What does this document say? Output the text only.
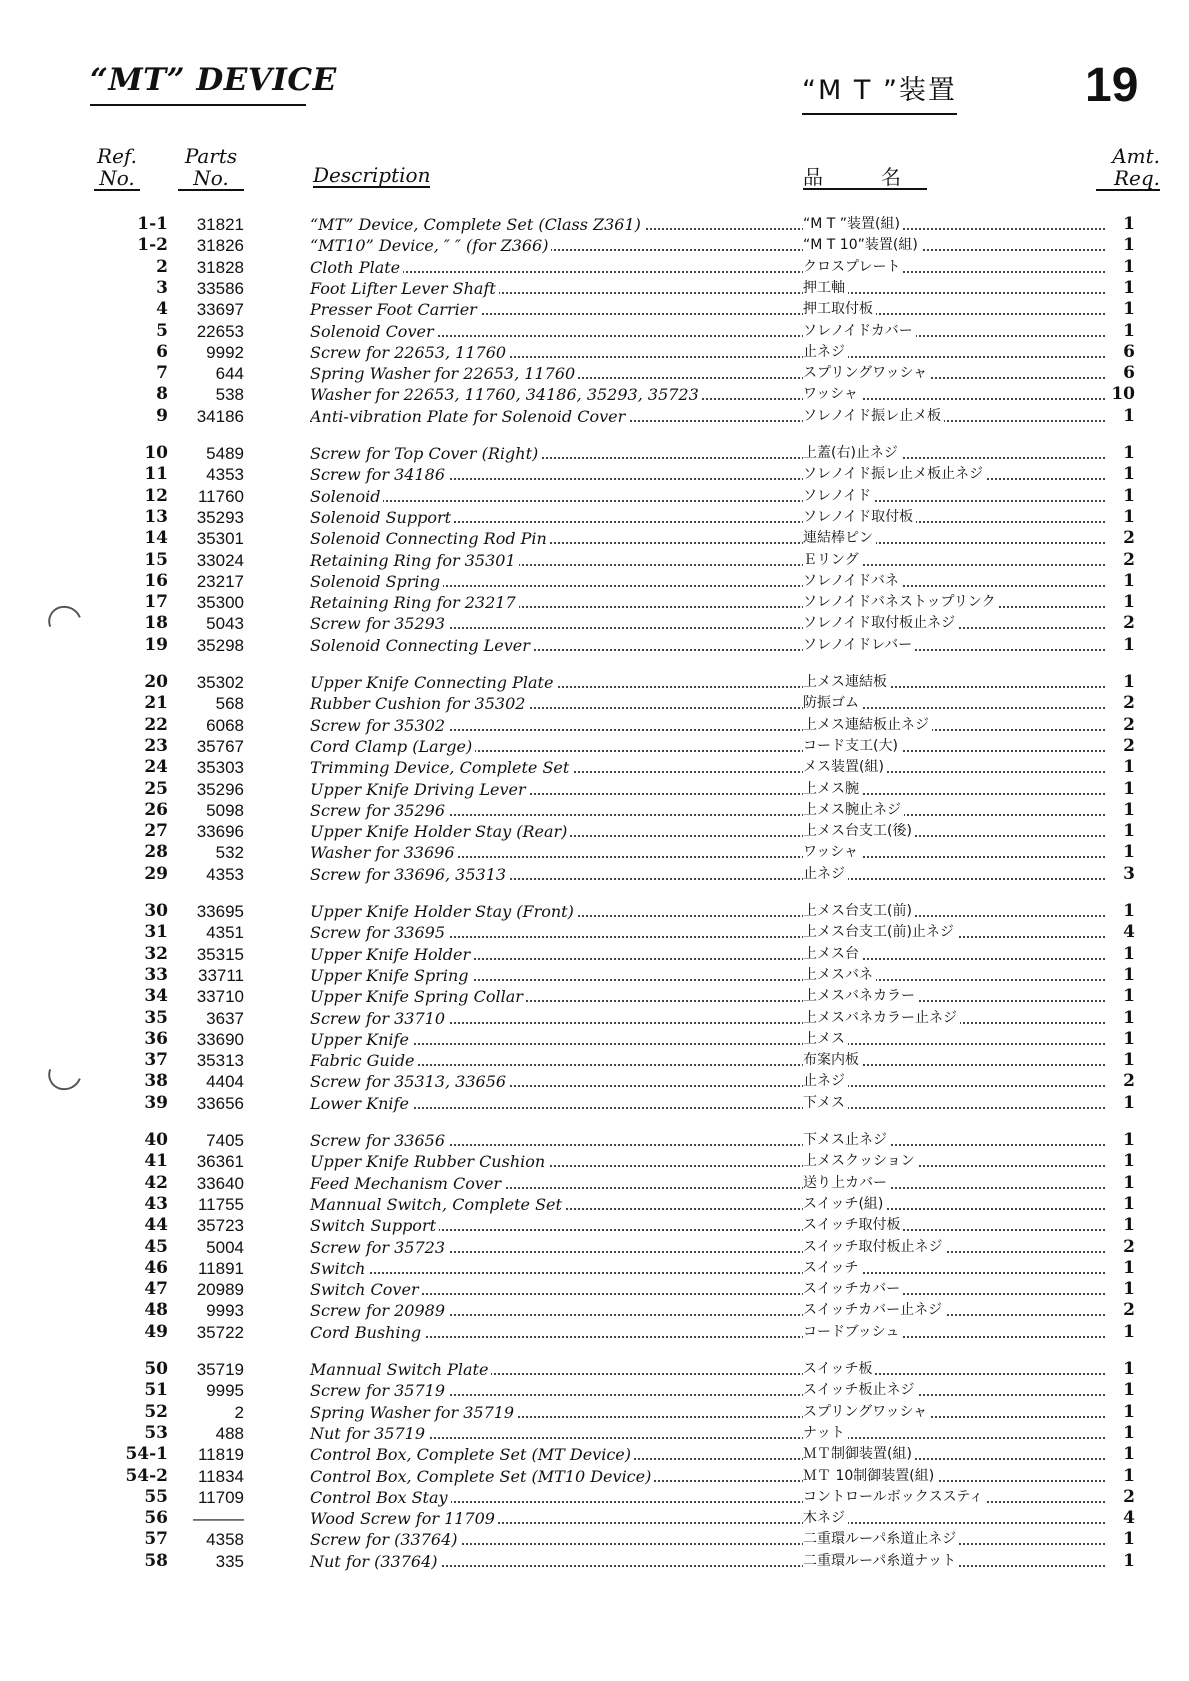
“MT” DEVICE	“M T ”装置	19
Ref.
No.
Parts
No.	Description	品名
Amt.
Req.
1-1	31821	“MT” Device, Complete Set (Class Z361)	“M T ”装置(組)	1
1-2	31826	“MT10” Device, ″ ″ (for Z366)	“M T 10”装置(組)	1
2	31828	Cloth Plate	クロスプレート	1
3	33586	Foot Lifter Lever Shaft	押工軸	1
4	33697	Presser Foot Carrier	押工取付板	1
5	22653	Solenoid Cover	ソレノイドカバー	1
6	9992	Screw for 22653, 11760	止ネジ	6
7	644	Spring Washer for 22653, 11760	スプリングワッシャ	6
8	538	Washer for 22653, 11760, 34186, 35293, 35723	ワッシャ	10
9	34186	Anti-vibration Plate for Solenoid Cover	ソレノイド振レ止メ板	1
10	5489	Screw for Top Cover (Right)	上蓋(右)止ネジ	1
11	4353	Screw for 34186	ソレノイド振レ止メ板止ネジ	1
12	11760	Solenoid	ソレノイド	1
13	35293	Solenoid Support	ソレノイド取付板	1
14	35301	Solenoid Connecting Rod Pin	連結棒ピン	2
15	33024	Retaining Ring for 35301	Ｅリング	2
16	23217	Solenoid Spring	ソレノイドバネ	1
17	35300	Retaining Ring for 23217	ソレノイドバネストップリンク	1
18	5043	Screw for 35293	ソレノイド取付板止ネジ	2
19	35298	Solenoid Connecting Lever	ソレノイドレバー	1
20	35302	Upper Knife Connecting Plate	上メス連結板	1
21	568	Rubber Cushion for 35302	防振ゴム	2
22	6068	Screw for 35302	上メス連結板止ネジ	2
23	35767	Cord Clamp (Large)	コード支工(大)	2
24	35303	Trimming Device, Complete Set	メス装置(組)	1
25	35296	Upper Knife Driving Lever	上メス腕	1
26	5098	Screw for 35296	上メス腕止ネジ	1
27	33696	Upper Knife Holder Stay (Rear)	上メス台支工(後)	1
28	532	Washer for 33696	ワッシャ	1
29	4353	Screw for 33696, 35313	止ネジ	3
30	33695	Upper Knife Holder Stay (Front)	上メス台支工(前)	1
31	4351	Screw for 33695	上メス台支工(前)止ネジ	4
32	35315	Upper Knife Holder	上メス台	1
33	33711	Upper Knife Spring	上メスバネ	1
34	33710	Upper Knife Spring Collar	上メスバネカラー	1
35	3637	Screw for 33710	上メスバネカラー止ネジ	1
36	33690	Upper Knife	上メス	1
37	35313	Fabric Guide	布案内板	1
38	4404	Screw for 35313, 33656	止ネジ	2
39	33656	Lower Knife	下メス	1
40	7405	Screw for 33656	下メス止ネジ	1
41	36361	Upper Knife Rubber Cushion	上メスクッション	1
42	33640	Feed Mechanism Cover	送り上カバー	1
43	11755	Mannual Switch, Complete Set	スイッチ(組)	1
44	35723	Switch Support	スイッチ取付板	1
45	5004	Screw for 35723	スイッチ取付板止ネジ	2
46	11891	Switch	スイッチ	1
47	20989	Switch Cover	スイッチカバー	1
48	9993	Screw for 20989	スイッチカバー止ネジ	2
49	35722	Cord Bushing	コードブッシュ	1
50	35719	Mannual Switch Plate	スイッチ板	1
51	9995	Screw for 35719	スイッチ板止ネジ	1
52	2	Spring Washer for 35719	スプリングワッシャ	1
53	488	Nut for 35719	ナット	1
54-1	11819	Control Box, Complete Set (MT Device)	ＭＴ制御装置(組)	1
54-2	11834	Control Box, Complete Set (MT10 Device)	ＭＴ 10制御装置(組)	1
55	11709	Control Box Stay	コントロールボックススティ	2
56	———	Wood Screw for 11709	木ネジ	4
57	4358	Screw for (33764)	二重環ルーパ糸道止ネジ	1
58	335	Nut for (33764)	二重環ルーパ糸道ナット	1
